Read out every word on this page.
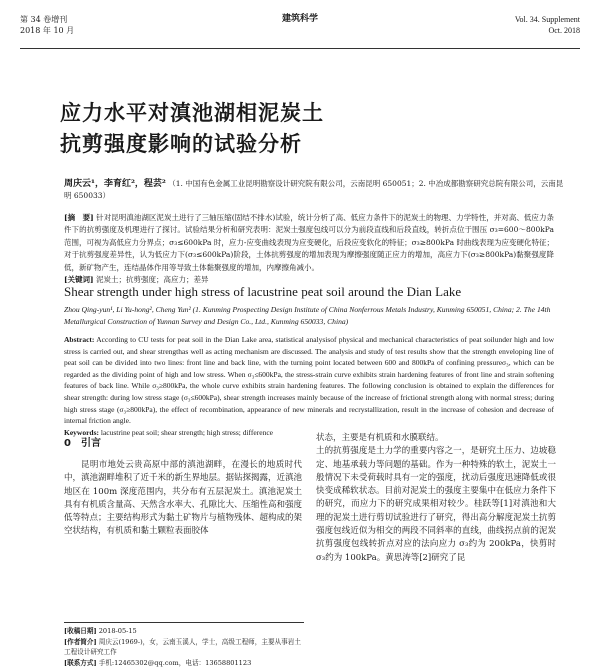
第 34 卷增刊
2018 年 10 月
建筑科学	Vol. 34. Supplement
Oct. 2018
应力水平对滇池湖相泥炭土
抗剪强度影响的试验分析
周庆云¹，李育红²，程芸² （1. 中国有色金属工业昆明勘察设计研究院有限公司，云南昆明 650051；2. 中冶成都勘察研究总院有限公司，云南昆明 650033）
[摘　要] 针对昆明滇池湖区泥炭土进行了三轴压缩(固结不排水)试验，统计分析了高、低应力条件下的泥炭土的物理、力学特性，并对高、低应力条件下的抗剪强度及机理进行了探讨。试验结果分析和研究表明：泥炭土强度包线可以分为前段直线和后段直线，转折点位于围压 σ₃=600～800kPa 范围，可视为高低应力分界点；σ₃≤600kPa 时，应力-应变曲线表现为应变硬化，后段应变软化的特征；σ₃≥800kPa 时曲线表现为应变硬化特征；对于抗剪强度差异性，认为低应力下(σ₃≤600kPa)阶段，土体抗剪强度的增加表现为摩擦强度随正应力的增加，高应力下(σ₃≥800kPa)黏聚强度降低，新矿物产生，连结晶体作用等导致土体黏聚强度的增加，内摩擦角减小。
[关键词] 泥炭土；抗剪强度；高应力；差异
Shear strength under high stress of lacustrine peat soil around the Dian Lake
Zhou Qing-yun¹, Li Yu-hong², Cheng Yun² (1. Kunming Prospecting Design Institute of China Nonferrous Metals Industry, Kunming 650051, China; 2. The 14th Metallurgical Construction of Yunnan Survey and Design Co., Ltd., Kunming 650033, China)
Abstract: According to CU tests for peat soil in the Dian Lake area, statistical analysisof physical and mechanical characteristics of peat soilunder high and low stress is carried out, and shear strengthas well as acting mechanism are discussed. The analysis and study of test results show that the strength enveloping line of peat soil can be divided into two lines: front line and back line, with the turning point located between 600 and 800kPa of confining pressureσ₃, which can be regarded as the dividing point of high and low stress. When σ₃≤600kPa, the stress-strain curve exhibits strain hardening features of front line and strain softening features of back line. While σ₃≥800kPa, the whole curve exhibits strain hardening features. The following conclusion is obtained to explain the differences for shear strength: during low stress stage (σ₃≤600kPa), shear strength increases mainly because of the increase of frictional strength along with normal stress; during high stress stage (σ₃≥800kPa), the effect of recombination, appearance of new minerals and recrystallization, result in the increase of cohesion and decrease of internal friction angle.
Keywords: lacustrine peat soil; shear strength; high stress; difference
0　引言

昆明市地处云贵高原中部的滇池湖畔，在漫长的地质时代中，滇池湖畔堆积了近千米的新生界地层。据钻探揭露，近滇池地区在 100m 深度范围内，共分布有五层泥炭土。滇池泥炭土具有有机质含量高、天然含水率大、孔隙比大、压缩性高和强度低等特点；主要结构形式为黏土矿物片与植物残体、超构成的架空状结构，有机质和黏土颗粒表面胶体

状态，主要是有机质和水膜联结。
土的抗剪强度是土力学的重要内容之一，是研究土压力、边坡稳定、地基承载力等问题的基础。作为一种特殊的软土，泥炭土一般情况下未受荷载时具有一定的强度，扰动后强度迅速降低或很快变成稀软状态。目前对泥炭土的强度主要集中在低应力条件下的研究，而应力下的研究成果相对较少。桂跃等[1]对滇池和大理的泥炭土进行剪切试验进行了研究，得出高分解度泥炭土抗剪强度包线近似为相交的两段不同斜率的直线，曲线拐点前的泥炭抗剪强度包线转折点对应的法向应力 σ₃约为 200kPa，快剪时 σ₃约为 100kPa。黄思涛等[2]研究了昆

[收稿日期] 2018-05-15
[作者简介] 周庆云(1969-)，女，云南玉溪人，学士，高级工程师，主要从事岩土工程设计研究工作
[联系方式] 手机:12465302@qq.com，电话：13658801123
